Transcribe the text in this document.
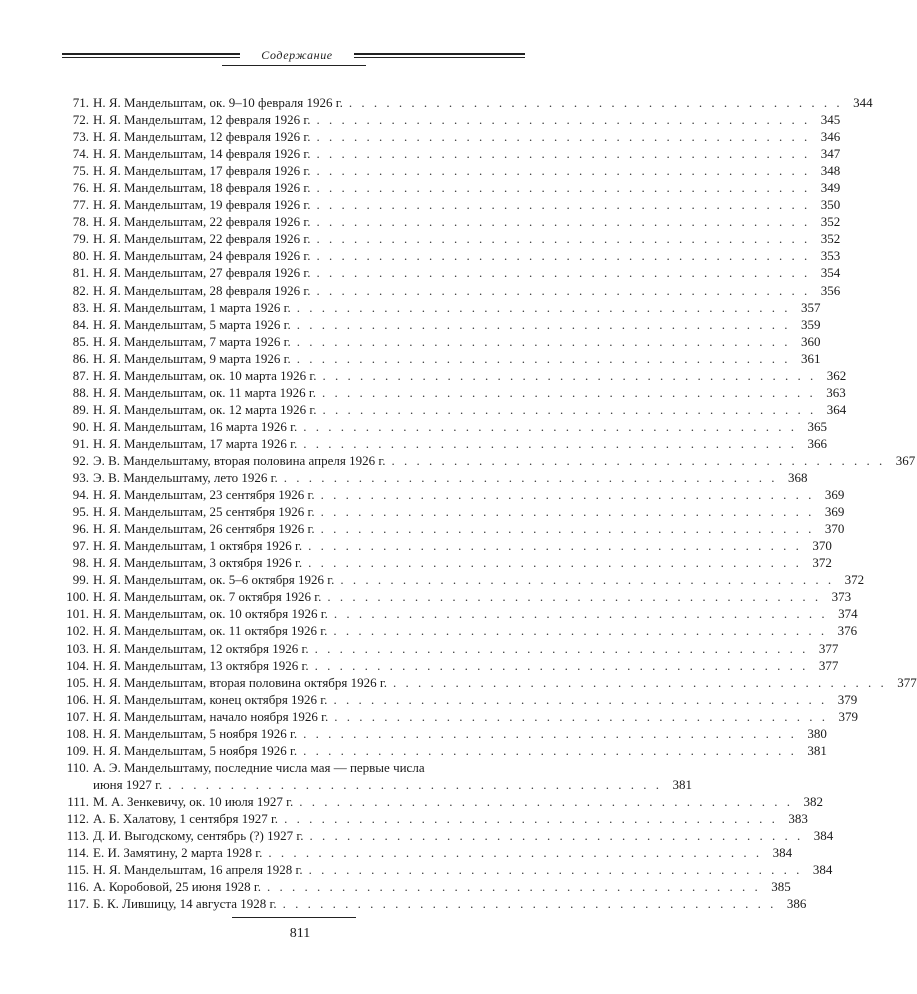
Содержание
71. Н. Я. Мандельштам, ок. 9–10 февраля 1926 г. . . . . . . . . . . . . . . . . . . . . . . . . . . . . . . . . . . . . . . . . 344
72. Н. Я. Мандельштам, 12 февраля 1926 г. . . . . . . . . . . . . . . . . . . . . . . . . . . . . . . . . . . . . . . . . 345
73. Н. Я. Мандельштам, 12 февраля 1926 г. . . . . . . . . . . . . . . . . . . . . . . . . . . . . . . . . . . . . . . . . 346
74. Н. Я. Мандельштам, 14 февраля 1926 г. . . . . . . . . . . . . . . . . . . . . . . . . . . . . . . . . . . . . . . . . 347
75. Н. Я. Мандельштам, 17 февраля 1926 г. . . . . . . . . . . . . . . . . . . . . . . . . . . . . . . . . . . . . . . . . 348
76. Н. Я. Мандельштам, 18 февраля 1926 г. . . . . . . . . . . . . . . . . . . . . . . . . . . . . . . . . . . . . . . . . 349
77. Н. Я. Мандельштам, 19 февраля 1926 г. . . . . . . . . . . . . . . . . . . . . . . . . . . . . . . . . . . . . . . . . 350
78. Н. Я. Мандельштам, 22 февраля 1926 г. . . . . . . . . . . . . . . . . . . . . . . . . . . . . . . . . . . . . . . . . 352
79. Н. Я. Мандельштам, 22 февраля 1926 г. . . . . . . . . . . . . . . . . . . . . . . . . . . . . . . . . . . . . . . . . 352
80. Н. Я. Мандельштам, 24 февраля 1926 г. . . . . . . . . . . . . . . . . . . . . . . . . . . . . . . . . . . . . . . . . 353
81. Н. Я. Мандельштам, 27 февраля 1926 г. . . . . . . . . . . . . . . . . . . . . . . . . . . . . . . . . . . . . . . . . 354
82. Н. Я. Мандельштам, 28 февраля 1926 г. . . . . . . . . . . . . . . . . . . . . . . . . . . . . . . . . . . . . . . . . 356
83. Н. Я. Мандельштам, 1 марта 1926 г. . . . . . . . . . . . . . . . . . . . . . . . . . . . . . . . . . . . . . . . . 357
84. Н. Я. Мандельштам, 5 марта 1926 г. . . . . . . . . . . . . . . . . . . . . . . . . . . . . . . . . . . . . . . . . 359
85. Н. Я. Мандельштам, 7 марта 1926 г. . . . . . . . . . . . . . . . . . . . . . . . . . . . . . . . . . . . . . . . . 360
86. Н. Я. Мандельштам, 9 марта 1926 г. . . . . . . . . . . . . . . . . . . . . . . . . . . . . . . . . . . . . . . . . 361
87. Н. Я. Мандельштам, ок. 10 марта 1926 г. . . . . . . . . . . . . . . . . . . . . . . . . . . . . . . . . . . . . . . . . 362
88. Н. Я. Мандельштам, ок. 11 марта 1926 г. . . . . . . . . . . . . . . . . . . . . . . . . . . . . . . . . . . . . . . . . 363
89. Н. Я. Мандельштам, ок. 12 марта 1926 г. . . . . . . . . . . . . . . . . . . . . . . . . . . . . . . . . . . . . . . . . 364
90. Н. Я. Мандельштам, 16 марта 1926 г. . . . . . . . . . . . . . . . . . . . . . . . . . . . . . . . . . . . . . . . . 365
91. Н. Я. Мандельштам, 17 марта 1926 г. . . . . . . . . . . . . . . . . . . . . . . . . . . . . . . . . . . . . . . . . 366
92. Э. В. Мандельштаму, вторая половина апреля 1926 г. . . . . . . . . . . . . . . . . . . . . . . . . . . . . . . . . . . . . . . . . 367
93. Э. В. Мандельштаму, лето 1926 г. . . . . . . . . . . . . . . . . . . . . . . . . . . . . . . . . . . . . . . . . 368
94. Н. Я. Мандельштам, 23 сентября 1926 г. . . . . . . . . . . . . . . . . . . . . . . . . . . . . . . . . . . . . . . . . 369
95. Н. Я. Мандельштам, 25 сентября 1926 г. . . . . . . . . . . . . . . . . . . . . . . . . . . . . . . . . . . . . . . . . 369
96. Н. Я. Мандельштам, 26 сентября 1926 г. . . . . . . . . . . . . . . . . . . . . . . . . . . . . . . . . . . . . . . . . 370
97. Н. Я. Мандельштам, 1 октября 1926 г. . . . . . . . . . . . . . . . . . . . . . . . . . . . . . . . . . . . . . . . . 370
98. Н. Я. Мандельштам, 3 октября 1926 г. . . . . . . . . . . . . . . . . . . . . . . . . . . . . . . . . . . . . . . . . 372
99. Н. Я. Мандельштам, ок. 5–6 октября 1926 г. . . . . . . . . . . . . . . . . . . . . . . . . . . . . . . . . . . . . . . . . 372
100. Н. Я. Мандельштам, ок. 7 октября 1926 г. . . . . . . . . . . . . . . . . . . . . . . . . . . . . . . . . . . . . . . . . 373
101. Н. Я. Мандельштам, ок. 10 октября 1926 г. . . . . . . . . . . . . . . . . . . . . . . . . . . . . . . . . . . . . . . . . 374
102. Н. Я. Мандельштам, ок. 11 октября 1926 г. . . . . . . . . . . . . . . . . . . . . . . . . . . . . . . . . . . . . . . . . 376
103. Н. Я. Мандельштам, 12 октября 1926 г. . . . . . . . . . . . . . . . . . . . . . . . . . . . . . . . . . . . . . . . . 377
104. Н. Я. Мандельштам, 13 октября 1926 г. . . . . . . . . . . . . . . . . . . . . . . . . . . . . . . . . . . . . . . . . 377
105. Н. Я. Мандельштам, вторая половина октября 1926 г. . . . . . . . . . . . . . . . . . . . . . . . . . . . . . . . . . . . . . . . . 377
106. Н. Я. Мандельштам, конец октября 1926 г. . . . . . . . . . . . . . . . . . . . . . . . . . . . . . . . . . . . . . . . . 379
107. Н. Я. Мандельштам, начало ноября 1926 г. . . . . . . . . . . . . . . . . . . . . . . . . . . . . . . . . . . . . . . . . 379
108. Н. Я. Мандельштам, 5 ноября 1926 г. . . . . . . . . . . . . . . . . . . . . . . . . . . . . . . . . . . . . . . . . 380
109. Н. Я. Мандельштам, 5 ноября 1926 г. . . . . . . . . . . . . . . . . . . . . . . . . . . . . . . . . . . . . . . . . 381
110. А. Э. Мандельштаму, последние числа мая — первые числа
июня 1927 г. . . . . . . . . . . . . . . . . . . . . . . . . . . . . . . . . . . . . . . . . 381
111. М. А. Зенкевичу, ок. 10 июля 1927 г. . . . . . . . . . . . . . . . . . . . . . . . . . . . . . . . . . . . . . . . . 382
112. А. Б. Халатову, 1 сентября 1927 г. . . . . . . . . . . . . . . . . . . . . . . . . . . . . . . . . . . . . . . . . 383
113. Д. И. Выгодскому, сентябрь (?) 1927 г. . . . . . . . . . . . . . . . . . . . . . . . . . . . . . . . . . . . . . . . . 384
114. Е. И. Замятину, 2 марта 1928 г. . . . . . . . . . . . . . . . . . . . . . . . . . . . . . . . . . . . . . . . . 384
115. Н. Я. Мандельштам, 16 апреля 1928 г. . . . . . . . . . . . . . . . . . . . . . . . . . . . . . . . . . . . . . . . . 384
116. А. Коробовой, 25 июня 1928 г. . . . . . . . . . . . . . . . . . . . . . . . . . . . . . . . . . . . . . . . . 385
117. Б. К. Лившицу, 14 августа 1928 г. . . . . . . . . . . . . . . . . . . . . . . . . . . . . . . . . . . . . . . . . 386
811
